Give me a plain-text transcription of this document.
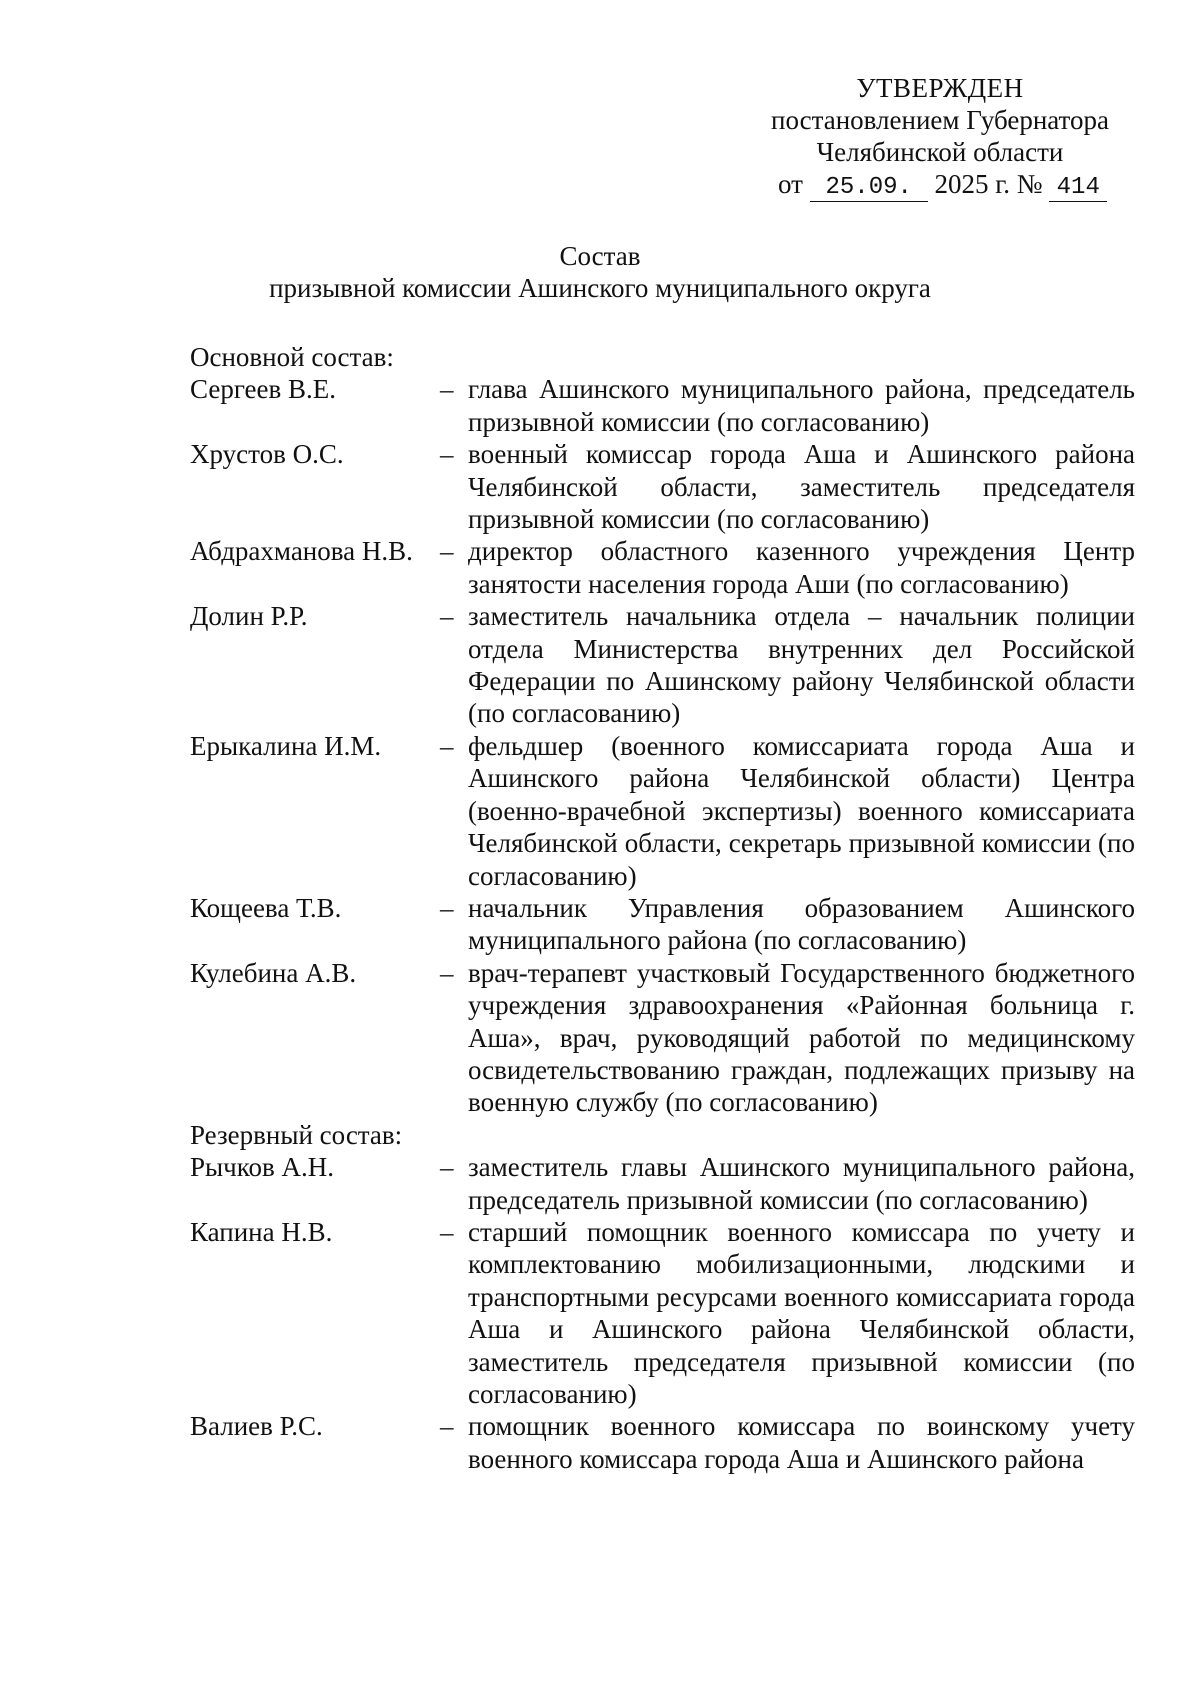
УТВЕРЖДЕН
постановлением Губернатора
Челябинской области
от 25.09. 2025 г. № 414
Состав
призывной комиссии Ашинского муниципального округа
Основной состав:
Сергеев В.Е.	– глава Ашинского муниципального района, председатель призывной комиссии (по согласованию)
Хрустов О.С.	– военный комиссар города Аша и Ашинского района Челябинской области, заместитель председателя призывной комиссии (по согласованию)
Абдрахманова Н.В.	– директор областного казенного учреждения Центр занятости населения города Аши (по согласованию)
Долин Р.Р.	– заместитель начальника отдела – начальник полиции отдела Министерства внутренних дел Российской Федерации по Ашинскому району Челябинской области (по согласованию)
Ерыкалина И.М.	– фельдшер (военного комиссариата города Аша и Ашинского района Челябинской области) Центра (военно-врачебной экспертизы) военного комиссариата Челябинской области, секретарь призывной комиссии (по согласованию)
Кощеева Т.В.	– начальник Управления образованием Ашинского муниципального района (по согласованию)
Кулебина А.В.	– врач-терапевт участковый Государственного бюджетного учреждения здравоохранения «Районная больница г. Аша», врач, руководящий работой по медицинскому освидетельствованию граждан, подлежащих призыву на военную службу (по согласованию)
Резервный состав:
Рычков А.Н.	– заместитель главы Ашинского муниципального района, председатель призывной комиссии (по согласованию)
Капина Н.В.	– старший помощник военного комиссара по учету и комплектованию мобилизационными, людскими и транспортными ресурсами военного комиссариата города Аша и Ашинского района Челябинской области, заместитель председателя призывной комиссии (по согласованию)
Валиев Р.С.	– помощник военного комиссара по воинскому учету военного комиссара города Аша и Ашинского района
